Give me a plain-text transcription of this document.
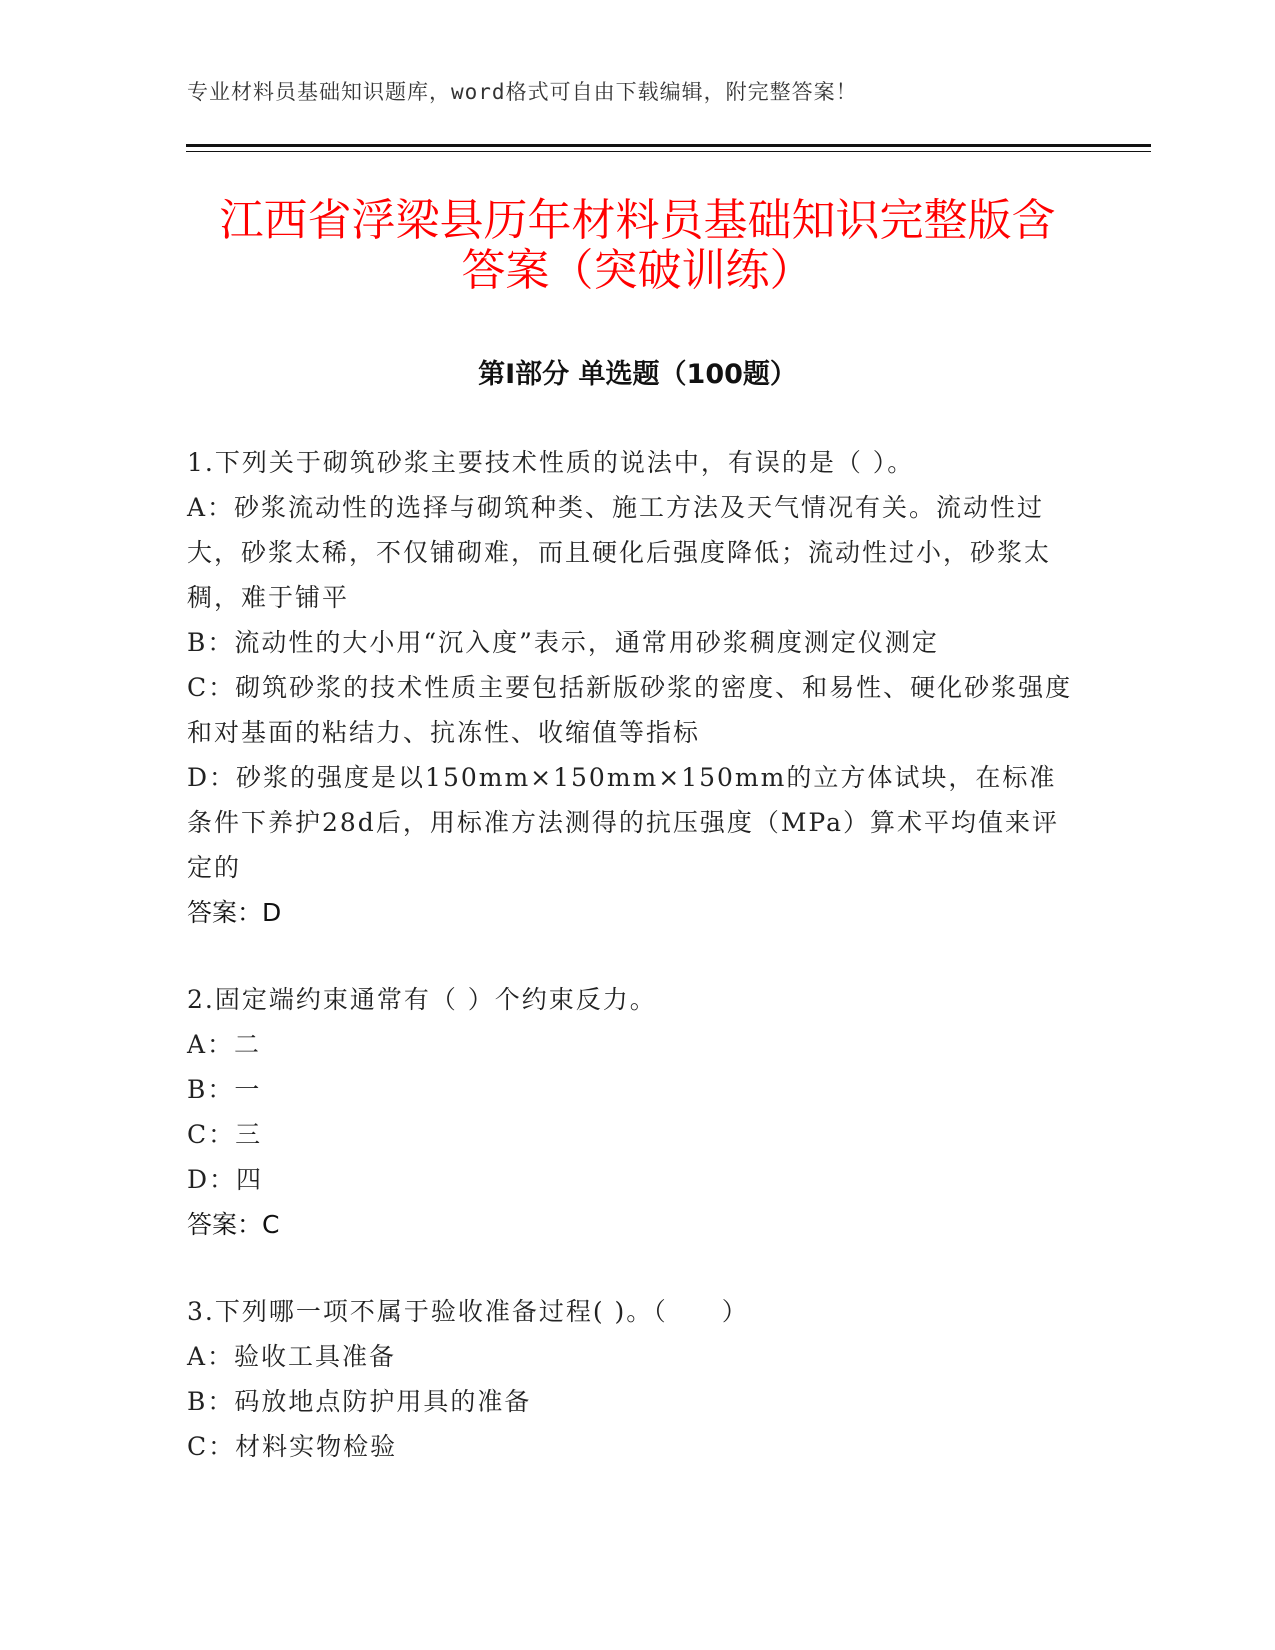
专业材料员基础知识题库，word格式可自由下载编辑，附完整答案！
江西省浮梁县历年材料员基础知识完整版含
答案（突破训练）
第Ⅰ部分 单选题（100题）
1.下列关于砌筑砂浆主要技术性质的说法中，有误的是（ ）。
A：砂浆流动性的选择与砌筑种类、施工方法及天气情况有关。流动性过大，砂浆太稀，不仅铺砌难，而且硬化后强度降低；流动性过小，砂浆太稠，难于铺平
B：流动性的大小用“沉入度”表示，通常用砂浆稠度测定仪测定
C：砌筑砂浆的技术性质主要包括新版砂浆的密度、和易性、硬化砂浆强度和对基面的粘结力、抗冻性、收缩值等指标
D：砂浆的强度是以150mm×150mm×150mm的立方体试块，在标准条件下养护28d后，用标准方法测得的抗压强度（MPa）算术平均值来评定的
答案：D
2.固定端约束通常有（ ）个约束反力。
A：二
B：一
C：三
D：四
答案：C
3.下列哪一项不属于验收准备过程( )。（　　）
A：验收工具准备
B：码放地点防护用具的准备
C：材料实物检验
